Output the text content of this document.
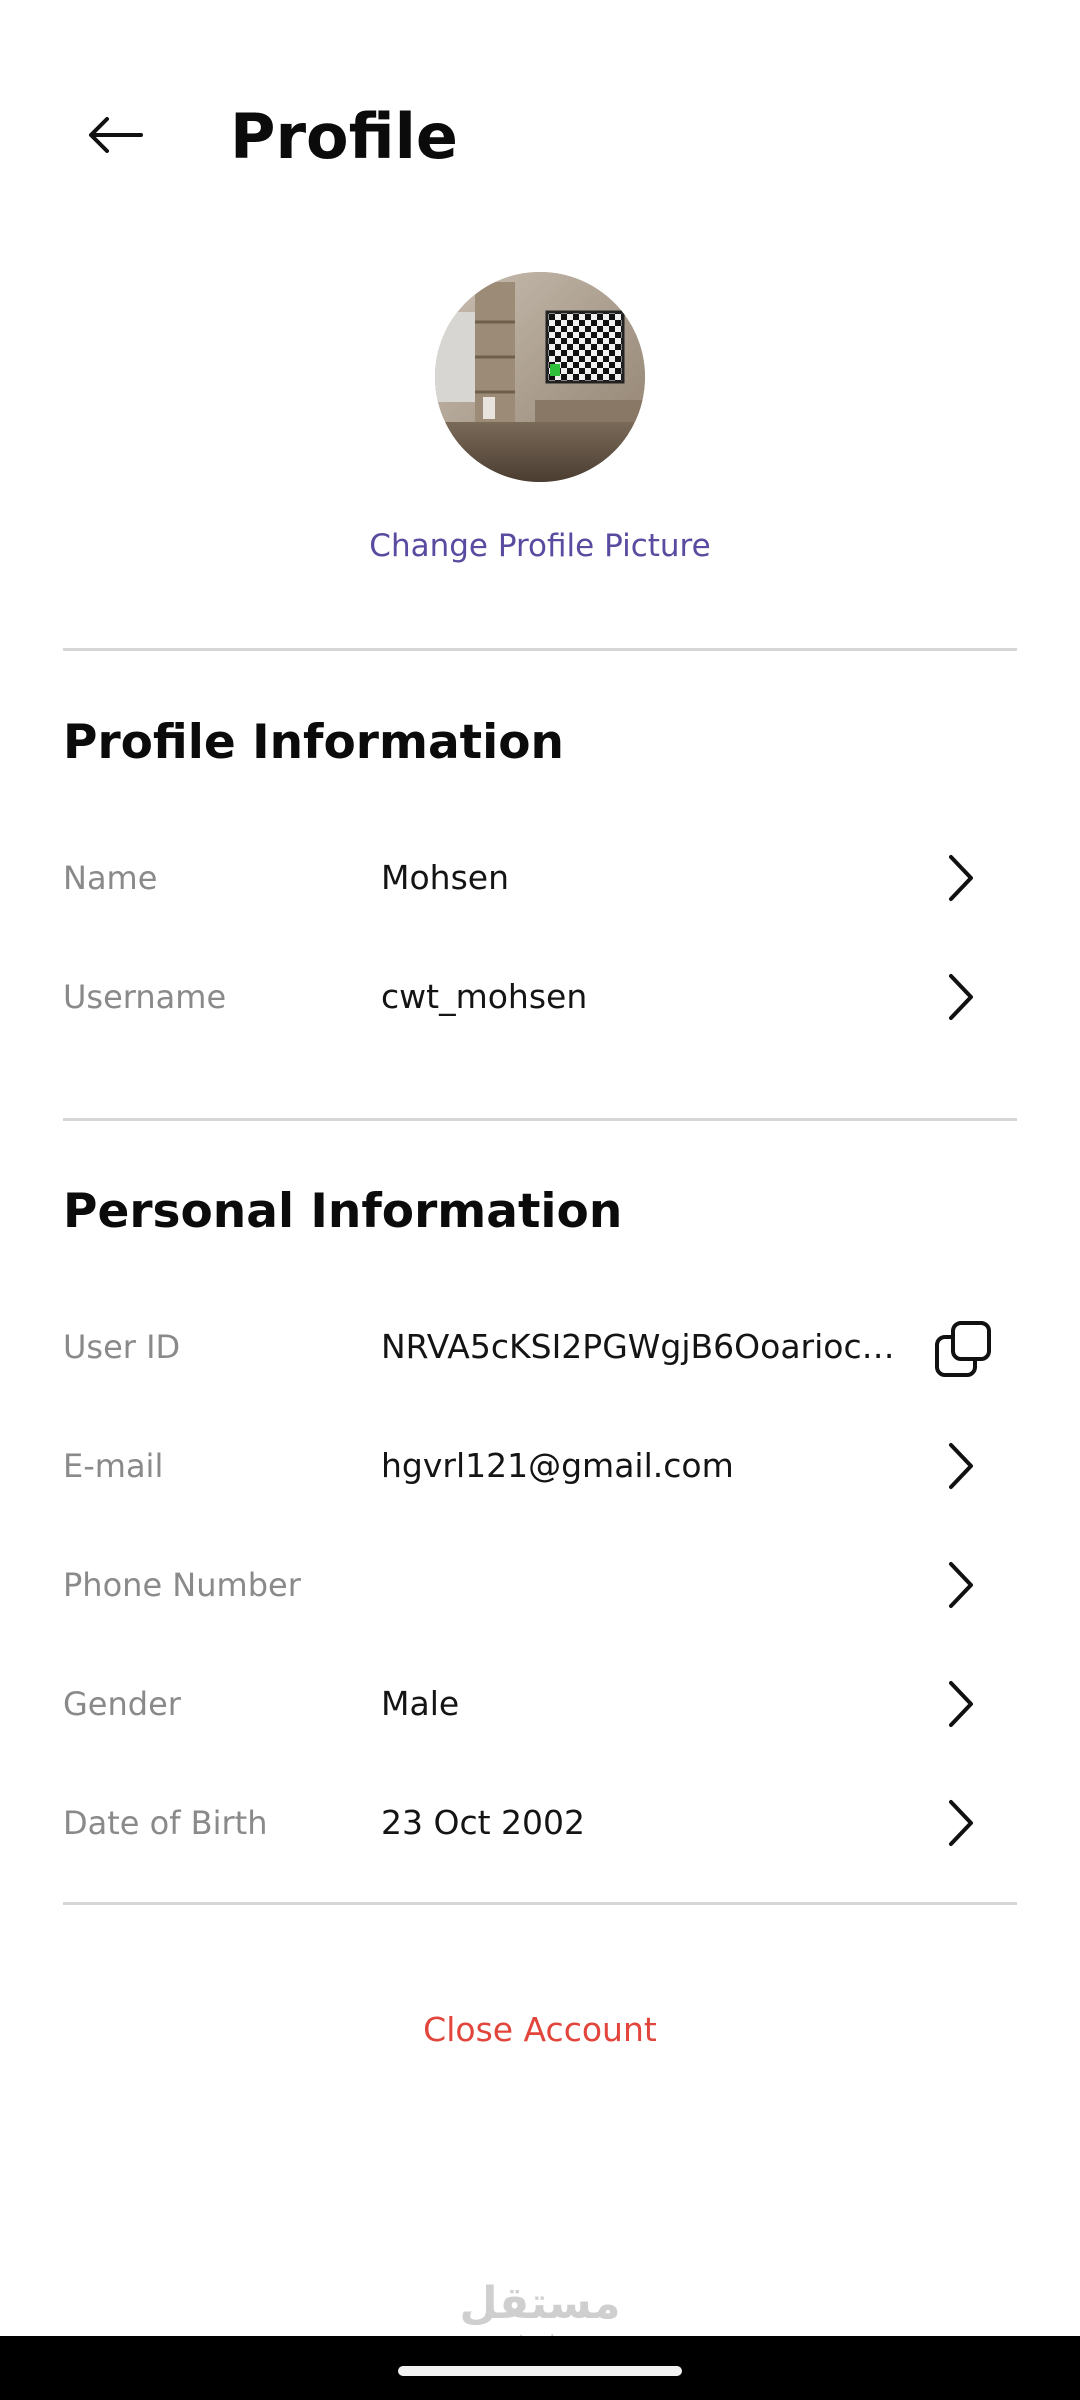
Profile
Change Profile Picture
Profile Information
Name	Mohsen
Username	cwt_mohsen
Personal Information
User ID	NRVA5cKSI2PGWgjB6Ooarioc…
E-mail	hgvrl121@gmail.com
Phone Number
Gender	Male
Date of Birth	23 Oct 2002
Close Account
مستقل
